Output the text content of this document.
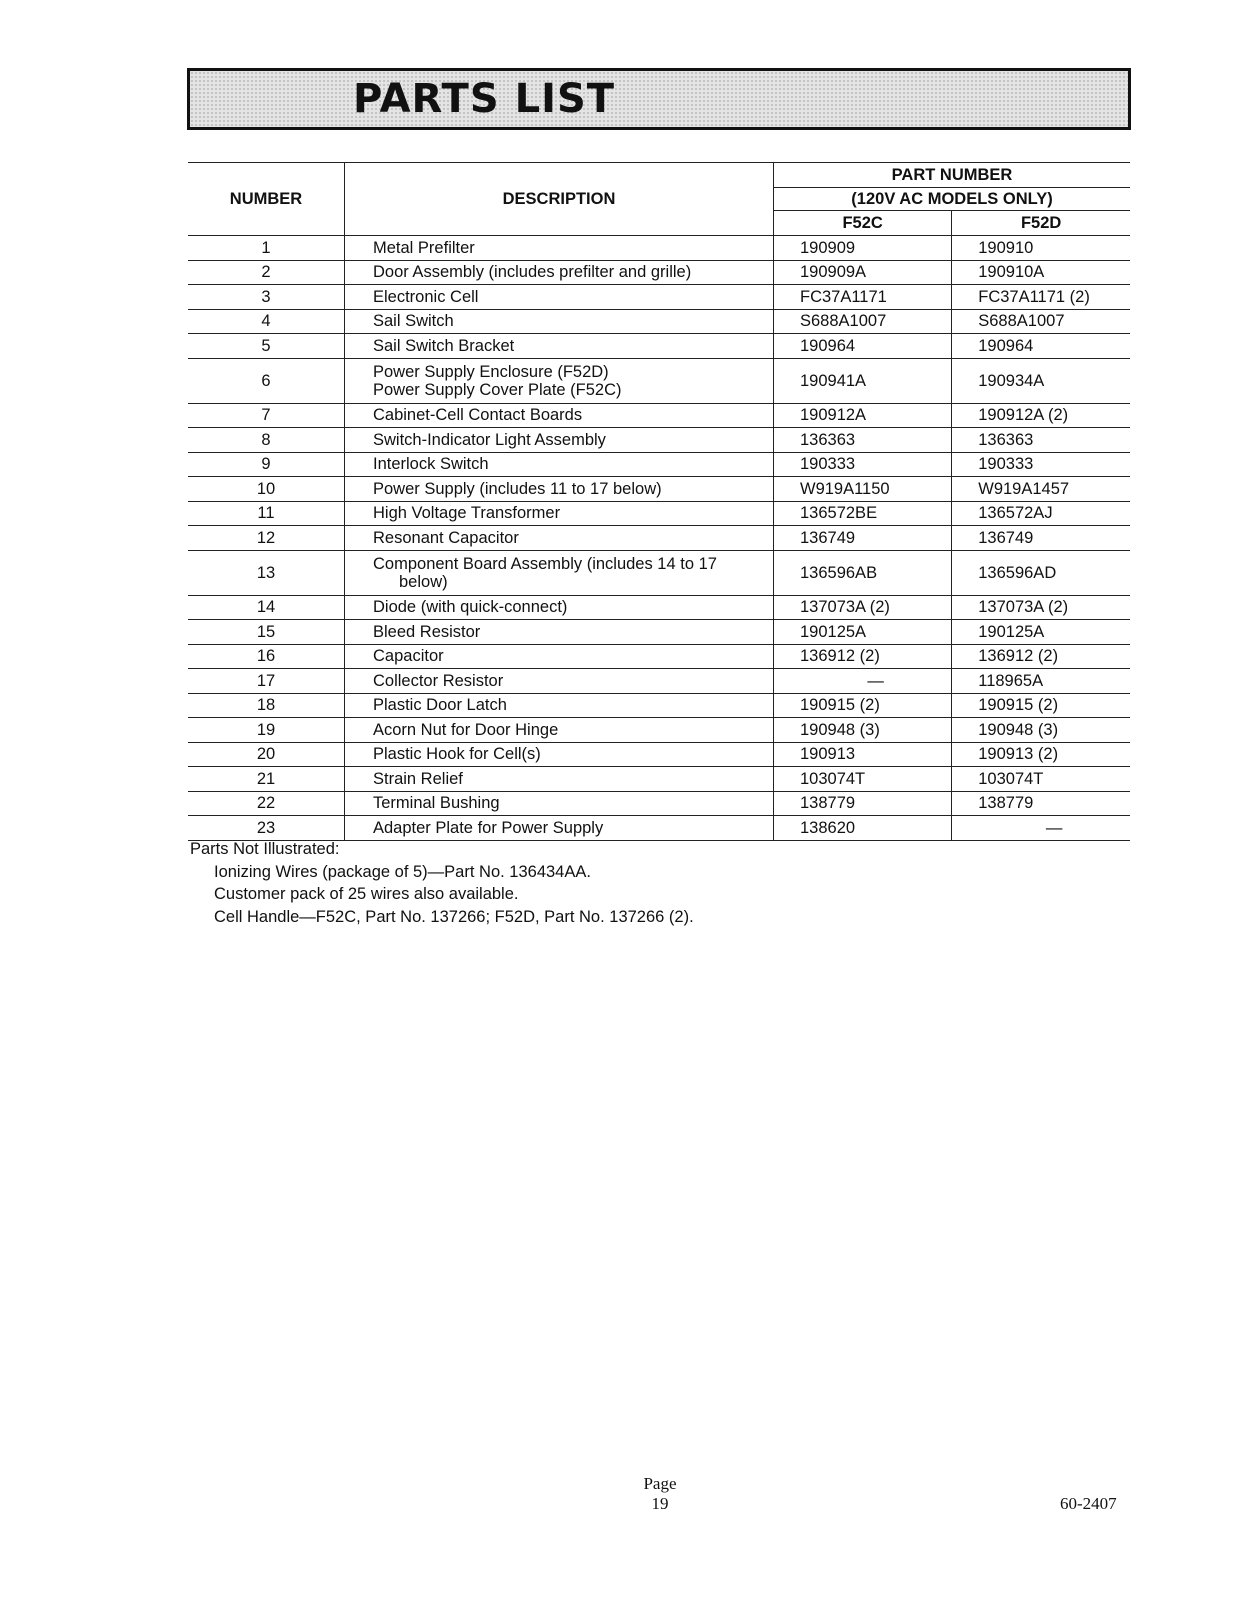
PARTS LIST
NUMBER	DESCRIPTION	PART NUMBER	
		(120V AC MODELS ONLY)	
		F52C	F52D
1	Metal Prefilter	190909	190910
2	Door Assembly (includes prefilter and grille)	190909A	190910A
3	Electronic Cell	FC37A1171	FC37A1171 (2)
4	Sail Switch	S688A1007	S688A1007
5	Sail Switch Bracket	190964	190964
6	Power Supply Enclosure (F52D)
Power Supply Cover Plate (F52C)	190941A	190934A
7	Cabinet-Cell Contact Boards	190912A	190912A (2)
8	Switch-Indicator Light Assembly	136363	136363
9	Interlock Switch	190333	190333
10	Power Supply (includes 11 to 17 below)	W919A1150	W919A1457
11	High Voltage Transformer	136572BE	136572AJ
12	Resonant Capacitor	136749	136749
13	Component Board Assembly (includes 14 to 17
below)	136596AB	136596AD
14	Diode (with quick-connect)	137073A (2)	137073A (2)
15	Bleed Resistor	190125A	190125A
16	Capacitor	136912 (2)	136912 (2)
17	Collector Resistor	—	118965A
18	Plastic Door Latch	190915 (2)	190915 (2)
19	Acorn Nut for Door Hinge	190948 (3)	190948 (3)
20	Plastic Hook for Cell(s)	190913	190913 (2)
21	Strain Relief	103074T	103074T
22	Terminal Bushing	138779	138779
23	Adapter Plate for Power Supply	138620	—
Parts Not Illustrated:
Ionizing Wires (package of 5)—Part No. 136434AA.
Customer pack of 25 wires also available.
Cell Handle—F52C, Part No. 137266; F52D, Part No. 137266 (2).
Page
19	60-2407
